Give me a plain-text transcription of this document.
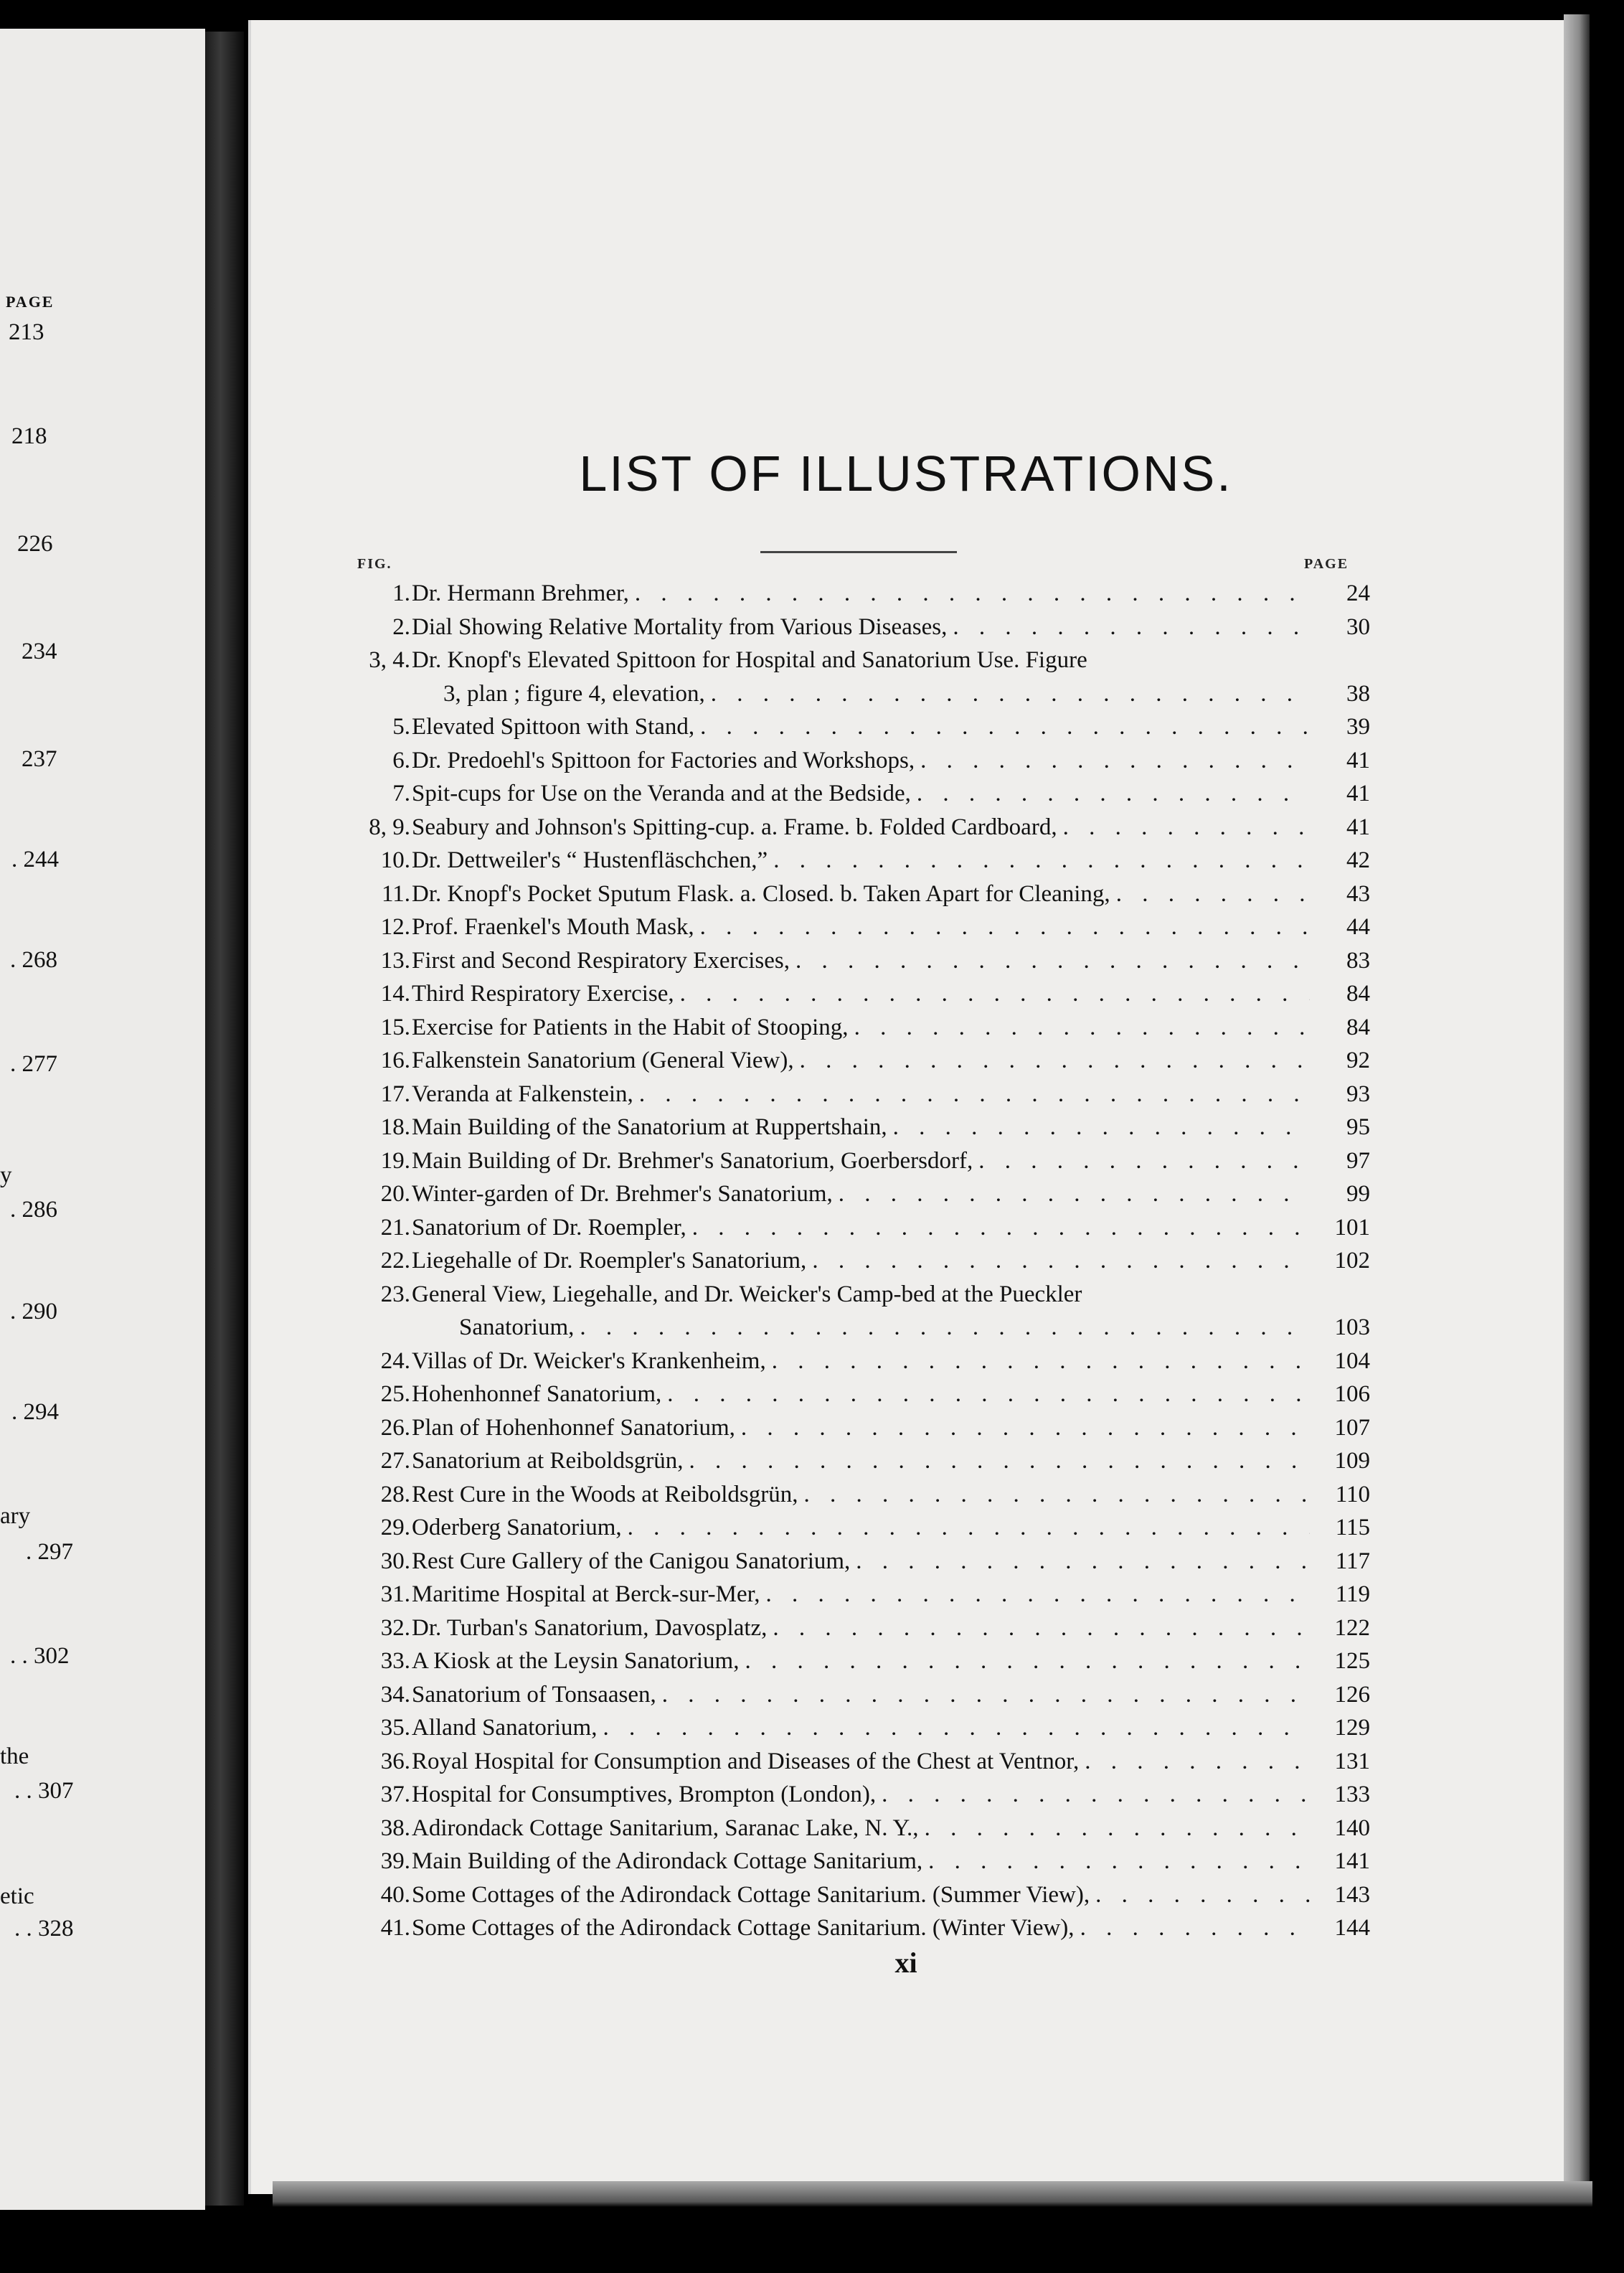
PAGE
213
218
226
234
237
. 244
. 268
. 277
y
. 286
. 290
. 294
ary
. 297
. . 302
the
. . 307
etic
. . 328
LIST OF ILLUSTRATIONS.
FIG.	PAGE
1. Dr. Hermann Brehmer, . . .	24
2. Dial Showing Relative Mortality from Various Diseases, . . .	30
3, 4. Dr. Knopf's Elevated Spittoon for Hospital and Sanatorium Use. Figure
3, plan ; figure 4, elevation, . . .	38
5. Elevated Spittoon with Stand, . . .	39
6. Dr. Predoehl's Spittoon for Factories and Workshops, . . .	41
7. Spit-cups for Use on the Veranda and at the Bedside, . . .	41
8, 9. Seabury and Johnson's Spitting-cup. a. Frame. b. Folded Cardboard, . . .	41
10. Dr. Dettweiler's “ Hustenfläschchen,” . . .	42
11. Dr. Knopf's Pocket Sputum Flask. a. Closed. b. Taken Apart for Cleaning, . . .	43
12. Prof. Fraenkel's Mouth Mask, . . .	44
13. First and Second Respiratory Exercises, . . .	83
14. Third Respiratory Exercise, . . .	84
15. Exercise for Patients in the Habit of Stooping, . . .	84
16. Falkenstein Sanatorium (General View), . . .	92
17. Veranda at Falkenstein, . . .	93
18. Main Building of the Sanatorium at Ruppertshain, . . .	95
19. Main Building of Dr. Brehmer's Sanatorium, Goerbersdorf, . . .	97
20. Winter-garden of Dr. Brehmer's Sanatorium, . . .	99
21. Sanatorium of Dr. Roempler, . . .	101
22. Liegehalle of Dr. Roempler's Sanatorium, . . .	102
23. General View, Liegehalle, and Dr. Weicker's Camp-bed at the Pueckler
Sanatorium, . . .	103
24. Villas of Dr. Weicker's Krankenheim, . . .	104
25. Hohenhonnef Sanatorium, . . .	106
26. Plan of Hohenhonnef Sanatorium, . . .	107
27. Sanatorium at Reiboldsgrün, . . .	109
28. Rest Cure in the Woods at Reiboldsgrün, . . .	110
29. Oderberg Sanatorium, . . .	115
30. Rest Cure Gallery of the Canigou Sanatorium, . . .	117
31. Maritime Hospital at Berck-sur-Mer, . . .	119
32. Dr. Turban's Sanatorium, Davosplatz, . . .	122
33. A Kiosk at the Leysin Sanatorium, . . .	125
34. Sanatorium of Tonsaasen, . . .	126
35. Alland Sanatorium, . . .	129
36. Royal Hospital for Consumption and Diseases of the Chest at Ventnor, . . .	131
37. Hospital for Consumptives, Brompton (London), . . .	133
38. Adirondack Cottage Sanitarium, Saranac Lake, N. Y., . . .	140
39. Main Building of the Adirondack Cottage Sanitarium, . . .	141
40. Some Cottages of the Adirondack Cottage Sanitarium. (Summer View), . . .	143
41. Some Cottages of the Adirondack Cottage Sanitarium. (Winter View), . . .	144
xi
